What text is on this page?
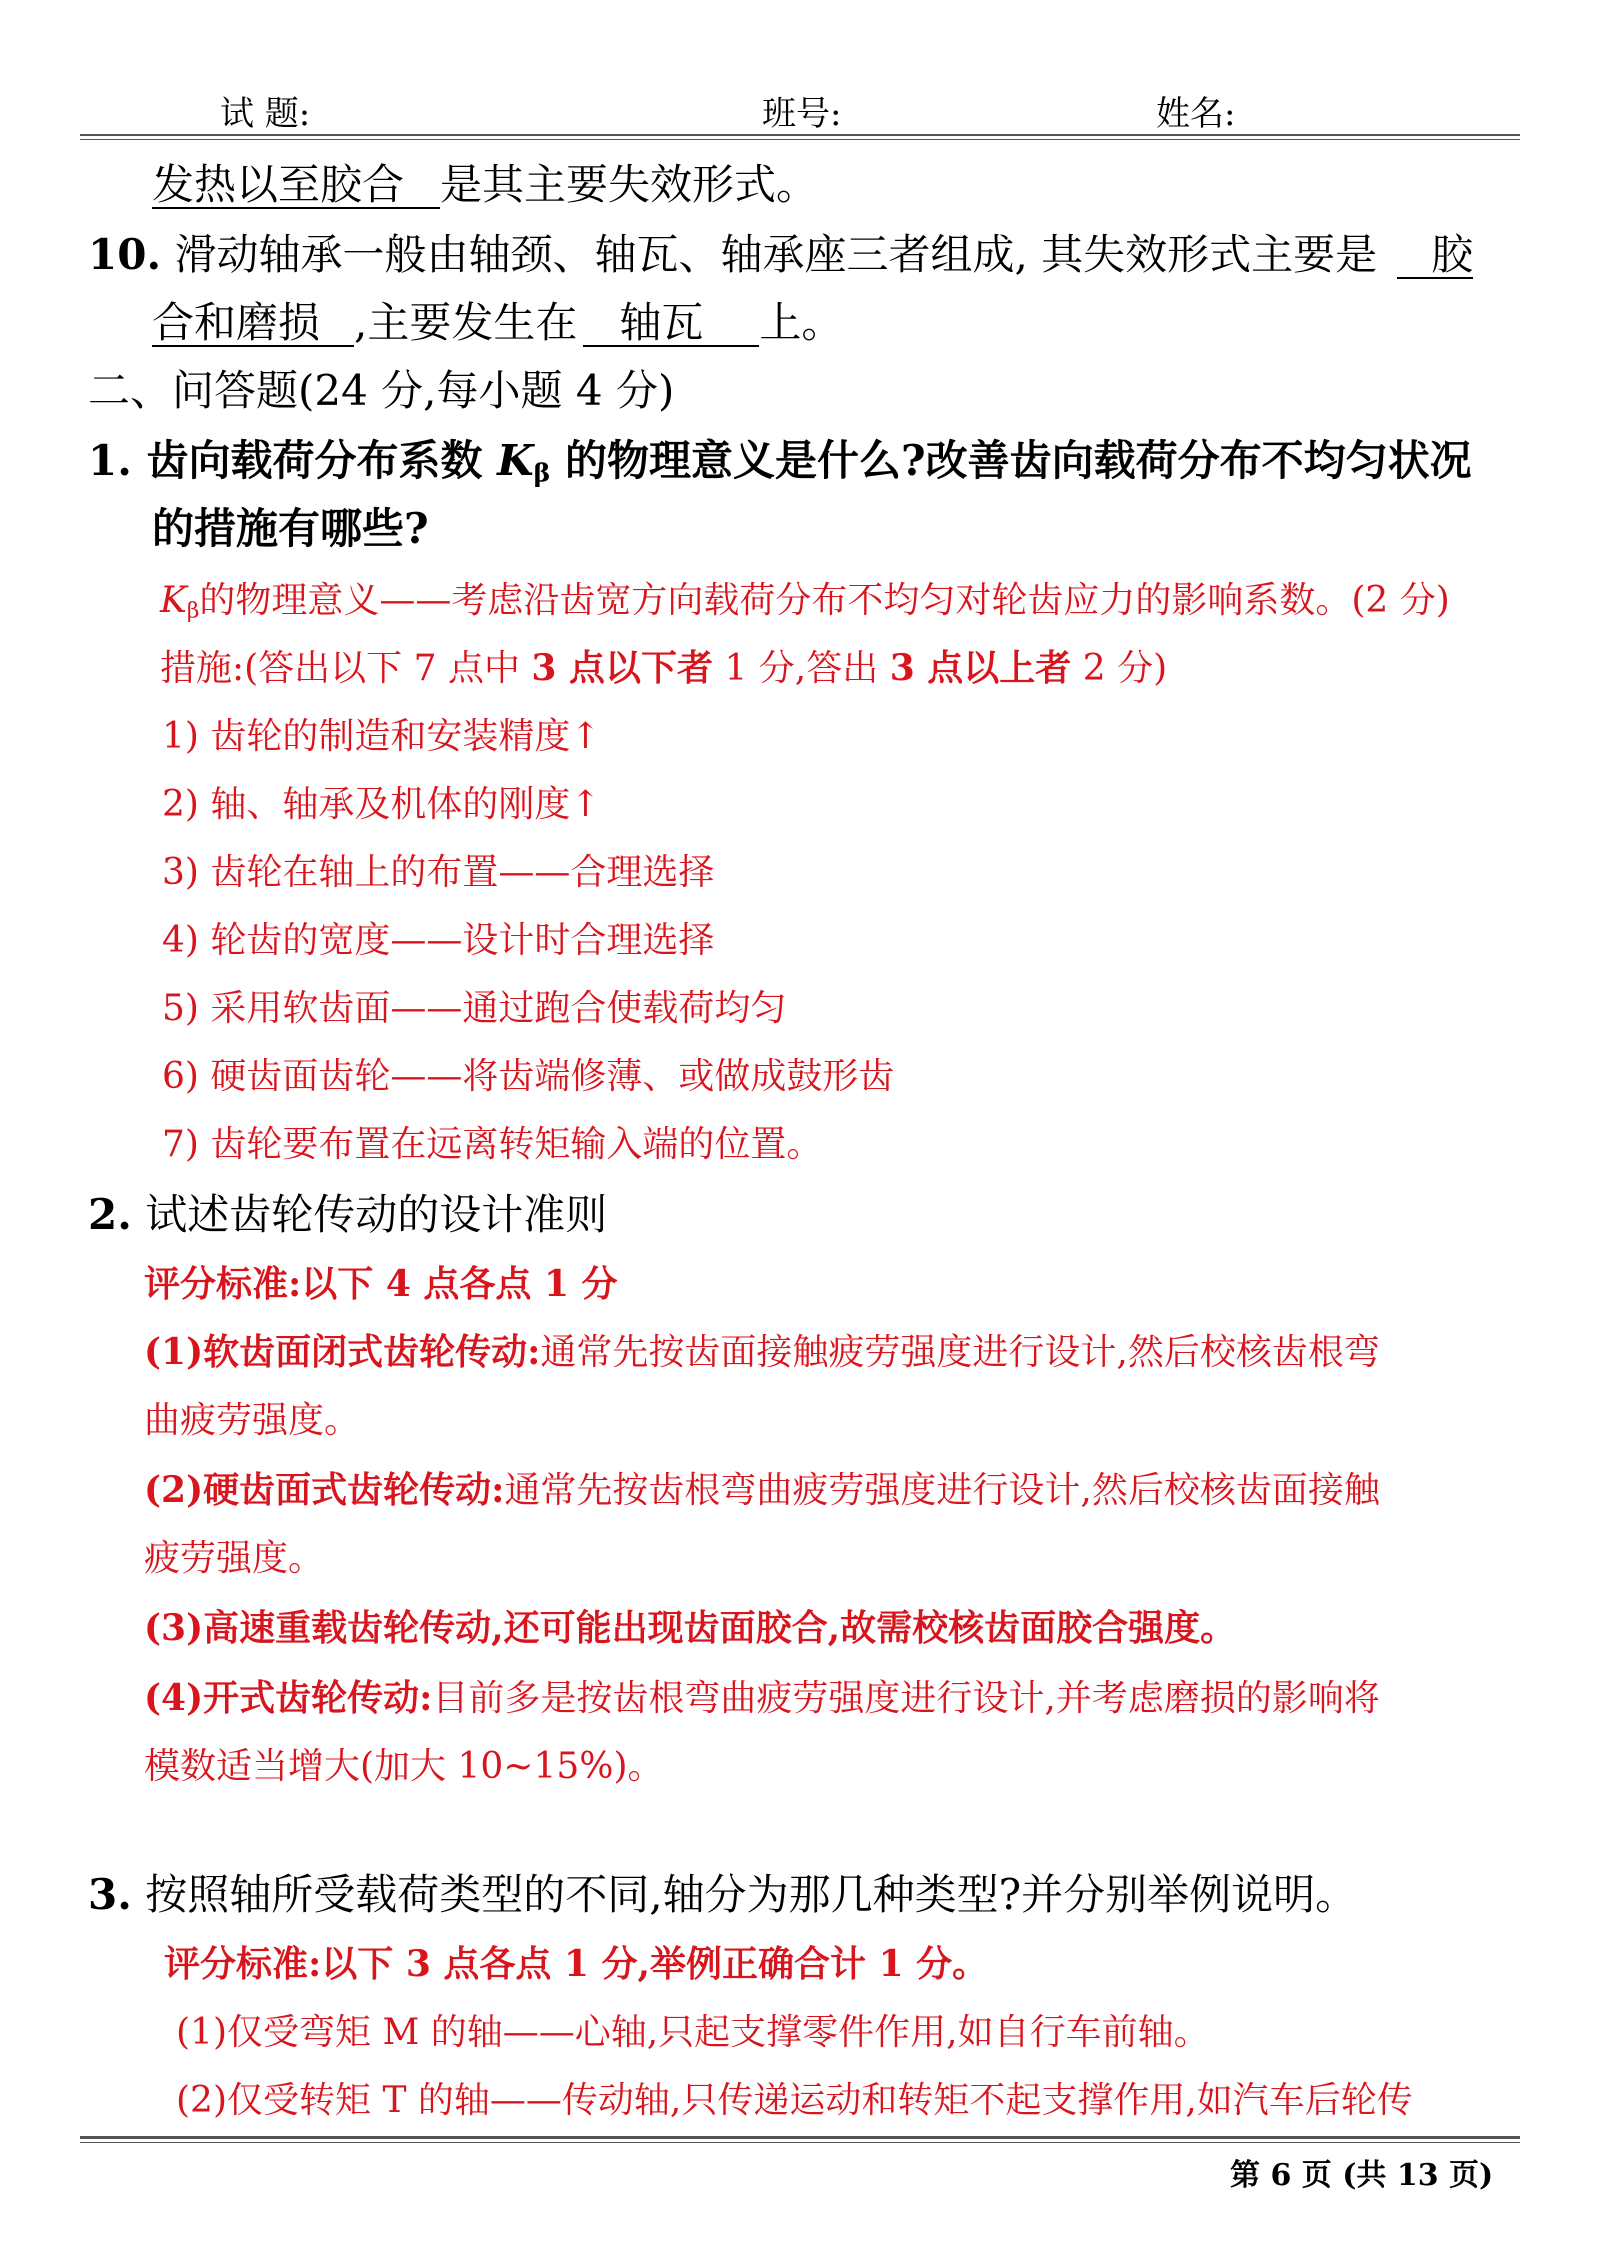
试 题:	班号:	姓名:
发热以至胶合 是其主要失效形式。
10. 滑动轴承一般由轴颈、轴瓦、轴承座三者组成, 其失效形式主要是 胶
合和磨损 ,主要发生在 轴瓦 上。
二、问答题(24 分,每小题 4 分)
1. 齿向载荷分布系数 $K_\beta$ 的物理意义是什么?改善齿向载荷分布不均匀状况
的措施有哪些?
$K_\beta$的物理意义——考虑沿齿宽方向载荷分布不均匀对轮齿应力的影响系数。(2 分)
措施:(答出以下 7 点中 3 点以下者 1 分,答出 3 点以上者 2 分)
1) 齿轮的制造和安装精度↑
2) 轴、轴承及机体的刚度↑
3) 齿轮在轴上的布置——合理选择
4) 轮齿的宽度——设计时合理选择
5) 采用软齿面——通过跑合使载荷均匀
6) 硬齿面齿轮——将齿端修薄、或做成鼓形齿
7) 齿轮要布置在远离转矩输入端的位置。
2. 试述齿轮传动的设计准则
评分标准:以下 4 点各点 1 分
(1)软齿面闭式齿轮传动:通常先按齿面接触疲劳强度进行设计,然后校核齿根弯
曲疲劳强度。
(2)硬齿面式齿轮传动:通常先按齿根弯曲疲劳强度进行设计,然后校核齿面接触
疲劳强度。
(3)高速重载齿轮传动,还可能出现齿面胶合,故需校核齿面胶合强度。
(4)开式齿轮传动:目前多是按齿根弯曲疲劳强度进行设计,并考虑磨损的影响将
模数适当增大(加大 10~15%)。
3. 按照轴所受载荷类型的不同,轴分为那几种类型?并分别举例说明。
评分标准:以下 3 点各点 1 分,举例正确合计 1 分。
(1)仅受弯矩 M 的轴——心轴,只起支撑零件作用,如自行车前轴。
(2)仅受转矩 T 的轴——传动轴,只传递运动和转矩不起支撑作用,如汽车后轮传
第 6 页 (共 13 页)
